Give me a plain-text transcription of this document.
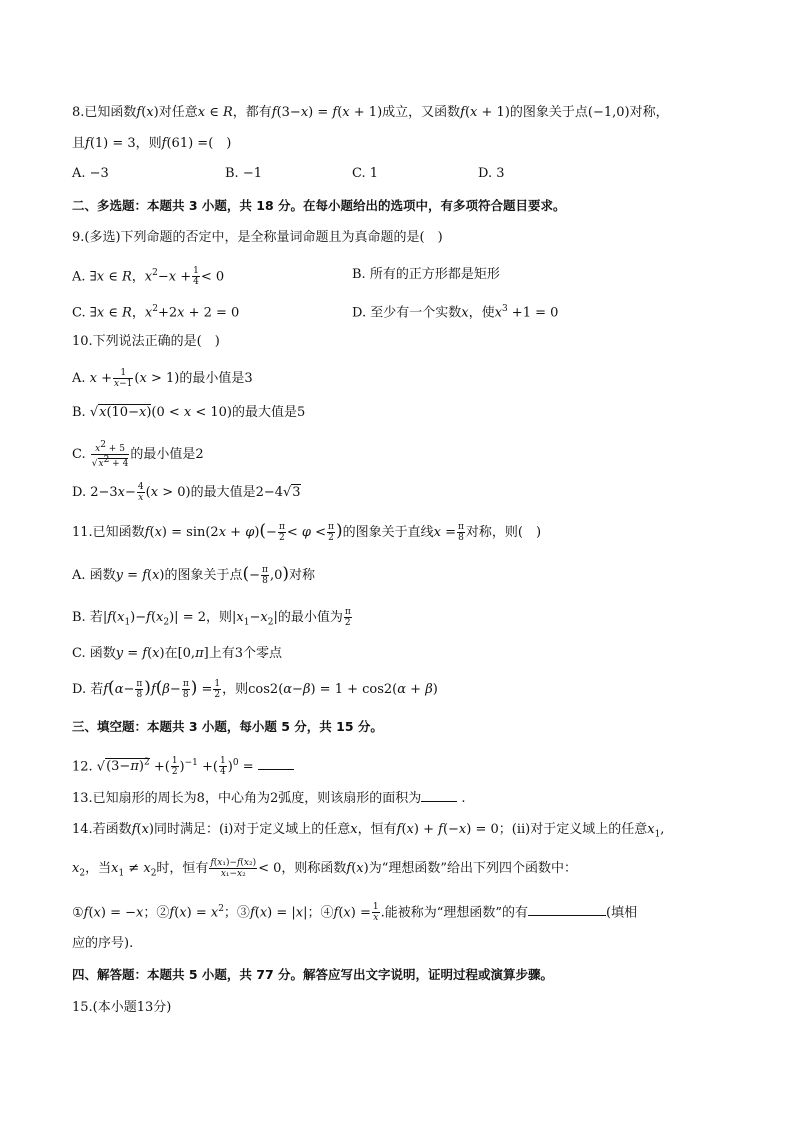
8.已知函数f(x)对任意x ∈ R，都有f(3−x) = f(x + 1)成立，又函数f(x + 1)的图象关于点(−1,0)对称，
且f(1) = 3，则f(61) =(　)
A. −3	B. −1	C. 1	D. 3
二、多选题：本题共 3 小题，共 18 分。在每小题给出的选项中，有多项符合题目要求。
9.(多选)下列命题的否定中，是全称量词命题且为真命题的是(　)
A. ∃x ∈ R，$x^2-x + \frac{1}{4} < 0$	B. 所有的正方形都是矩形
C. ∃x ∈ R，$x^2+2x + 2 = 0$	D. 至少有一个实数x，使$x^3 +1 = 0$
10.下列说法正确的是(　)
A. $x + \frac{1}{x-1} (x > 1)$的最小值是3
B. √x(10−x)(0 < x < 10)的最大值是5
C. $\frac{x^2 + 5}{√x^2 + 4}$ 的最小值是2
D. $2-3x- \frac{4}{x} (x > 0)$的最大值是2−4√3
11.已知函数$f(x) = \sin(2x + \varphi)(- \frac{\pi}{2} < \varphi < \frac{\pi}{2}$ )的图象关于直线$x = \frac{\pi}{8}$ 对称，则(　)
A. 函数y = f(x)的图象关于点(− $\frac{\pi}{8} ,0$)对称
B. 若$|f(x_1)-f(x_2)| = 2$，则$|x_1-x_2|$的最小值为 $\frac{\pi}{2}$
C. 函数y = f(x)在[0,π]上有3个零点
D. 若$f(\alpha- \frac{\pi}{8} )f(\beta- \frac{\pi}{8}$ ) = $\frac{1}{2}$ ，则cos2(α−β) = 1 + cos2(α + β)
三、填空题：本题共 3 小题，每小题 5 分，共 15 分。
12. $√(3-\pi)^2$ +( $\frac{1}{2} )^{-1}$ +( $\frac{1}{4} )^0$ =
13.已知扇形的周长为8，中心角为2弧度，则该扇形的面积为	.
14.若函数f(x)同时满足：(ⅰ)对于定义域上的任意x，恒有f(x) + f(−x) = 0；(ⅱ)对于定义域上的任意$x_1$,
$x_2$，当$x_1 \ne x_2$时，恒有 $\frac{\text{f(x₁)−f(x₂)}}{\text{x₁−x₂}} < 0$，则称函数f(x)为“理想函数”给出下列四个函数中：
①f(x) = −x；②f(x) = $x^2$；③f(x) = |x|；④f(x) = $\frac{1}{x}$ .能被称为“理想函数”的有	(填相
应的序号).
四、解答题：本题共 5 小题，共 77 分。解答应写出文字说明，证明过程或演算步骤。
15.(本小题13分)
